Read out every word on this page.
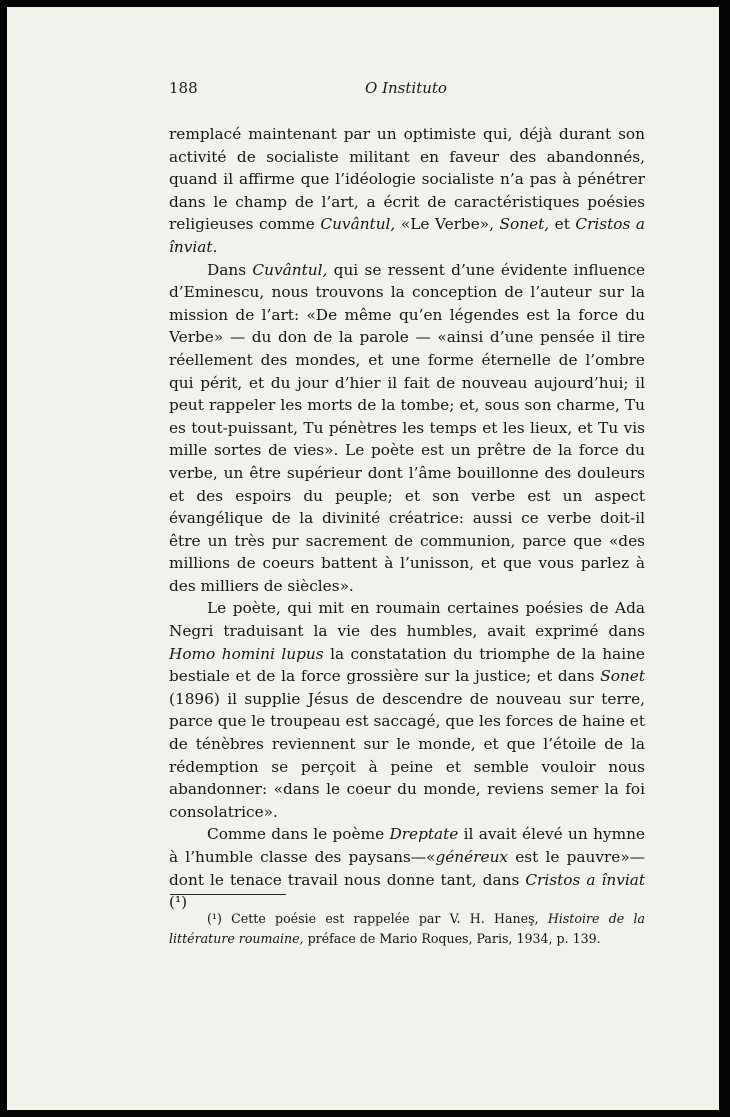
188	O Instituto

remplacé maintenant par un optimiste qui, déjà durant son activité de socialiste militant en faveur des abandonnés, quand il affirme que l’idéologie socialiste n’a pas à pénétrer dans le champ de l’art, a écrit de caractéristiques poésies religieuses comme Cuvântul, «Le Verbe», Sonet, et Cristos a înviat.

Dans Cuvântul, qui se ressent d’une évidente influence d’Eminescu, nous trouvons la conception de l’auteur sur la mission de l’art: «De même qu’en légendes est la force du Verbe» — du don de la parole — «ainsi d’une pensée il tire réellement des mondes, et une forme éternelle de l’ombre qui périt, et du jour d’hier il fait de nouveau aujourd’hui; il peut rappeler les morts de la tombe; et, sous son charme, Tu es tout-puissant, Tu pénètres les temps et les lieux, et Tu vis mille sortes de vies». Le poète est un prêtre de la force du verbe, un être supérieur dont l’âme bouillonne des douleurs et des espoirs du peuple; et son verbe est un aspect évangélique de la divinité créatrice: aussi ce verbe doit-il être un très pur sacrement de communion, parce que «des millions de coeurs battent à l’unisson, et que vous parlez à des milliers de siècles».

Le poète, qui mit en roumain certaines poésies de Ada Negri traduisant la vie des humbles, avait exprimé dans Homo homini lupus la constatation du triomphe de la haine bestiale et de la force grossière sur la justice; et dans Sonet (1896) il supplie Jésus de descendre de nouveau sur terre, parce que le troupeau est saccagé, que les forces de haine et de ténèbres reviennent sur le monde, et que l’étoile de la rédemption se perçoit à peine et semble vouloir nous abandonner: «dans le coeur du monde, reviens semer la foi consolatrice».

Comme dans le poème Dreptate il avait élevé un hymne à l’humble classe des paysans—«généreux est le pauvre»—dont le tenace travail nous donne tant, dans Cristos a înviat (¹)

(¹) Cette poésie est rappelée par V. H. Haneş, Histoire de la littérature roumaine, préface de Mario Roques, Paris, 1934, p. 139.
